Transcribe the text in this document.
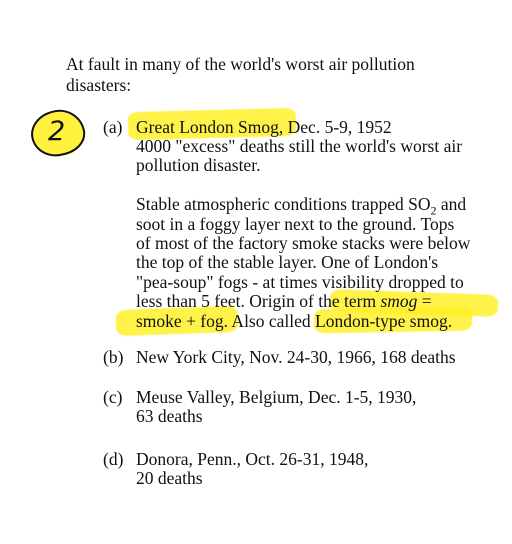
At fault in many of the world's worst air pollution disasters:

2 (a) Great London Smog, Dec. 5-9, 1952
4000 "excess" deaths still the world's worst air
pollution disaster.
Stable atmospheric conditions trapped $SO_2$ and
soot in a foggy layer next to the ground. Tops
of most of the factory smoke stacks were below
the top of the stable layer. One of London's
"pea-soup" fogs - at times visibility dropped to
less than 5 feet. Origin of the term smog =
smoke + fog. Also called London-type smog.
(b) New York City, Nov. 24-30, 1966, 168 deaths
(c) Meuse Valley, Belgium, Dec. 1-5, 1930,
63 deaths
(d) Donora, Penn., Oct. 26-31, 1948,
20 deaths
